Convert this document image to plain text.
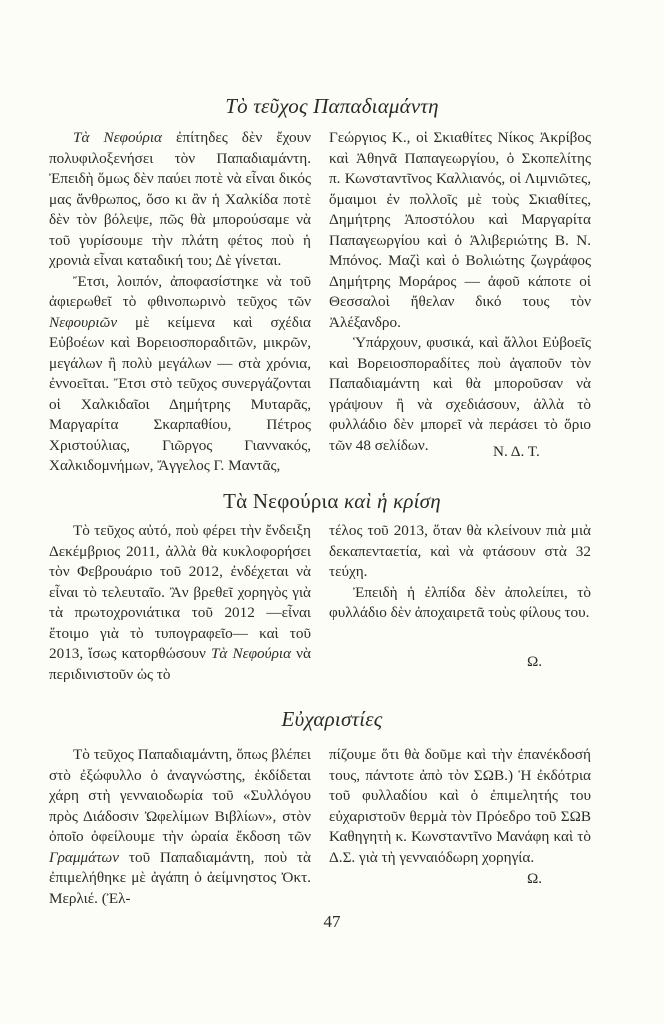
Τὸ τεῦχος Παπαδιαμάντη

Τὰ Νεφούρια ἐπίτηδες δὲν ἔχουν πολυφιλοξενήσει τὸν Παπαδιαμάντη. Ἐπειδὴ ὅμως δὲν παύει ποτὲ νὰ εἶναι δικός μας ἄνθρωπος, ὅσο κι ἂν ἡ Χαλκίδα ποτὲ δὲν τὸν βόλεψε, πῶς θὰ μπορούσαμε νὰ τοῦ γυρίσουμε τὴν πλάτη φέτος ποὺ ἡ χρονιὰ εἶναι καταδική του; Δὲ γίνεται.

Ἔτσι, λοιπόν, ἀποφασίστηκε νὰ τοῦ ἀφιερωθεῖ τὸ φθινοπωρινὸ τεῦχος τῶν Νεφουριῶν μὲ κείμενα καὶ σχέδια Εὐβοέων καὶ Βορειοσποραδιτῶν, μικρῶν, μεγάλων ἢ πολὺ μεγάλων — στὰ χρόνια, ἐννοεῖται. Ἔτσι στὸ τεῦχος συνεργάζονται οἱ Χαλκιδαῖοι Δημήτρης Μυταρᾶς, Μαργαρίτα Σκαρπαθίου, Πέτρος Χριστούλιας, Γιῶργος Γιαννακός, Χαλκιδομνήμων, Ἄγγελος Γ. Μαντᾶς,

Γεώργιος Κ., οἱ Σκιαθίτες Νίκος Ἀκρίβος καὶ Ἀθηνᾶ Παπαγεωργίου, ὁ Σκοπελίτης π. Κωνσταντῖνος Καλλιανός, οἱ Λιμνιῶτες, ὅμαιμοι ἐν πολλοῖς μὲ τοὺς Σκιαθίτες, Δημήτρης Ἀποστόλου καὶ Μαργαρίτα Παπαγεωργίου καὶ ὁ Ἀλιβεριώτης Β. Ν. Μπόνος. Μαζὶ καὶ ὁ Βολιώτης ζωγράφος Δημήτρης Μοράρος — ἀφοῦ κάποτε οἱ Θεσσαλοὶ ἤθελαν δικό τους τὸν Ἀλέξανδρο.

Ὑπάρχουν, φυσικά, καὶ ἄλλοι Εὐβοεῖς καὶ Βορειοσποραδίτες ποὺ ἀγαποῦν τὸν Παπαδιαμάντη καὶ θὰ μποροῦσαν νὰ γράψουν ἢ νὰ σχεδιάσουν, ἀλλὰ τὸ φυλλάδιο δὲν μπορεῖ νὰ περάσει τὸ ὅριο τῶν 48 σελίδων.	Ν. Δ. Τ.
Τὰ Νεφούρια καὶ ἡ κρίση

Τὸ τεῦχος αὐτό, ποὺ φέρει τὴν ἔνδειξη Δεκέμβριος 2011, ἀλλὰ θὰ κυκλοφορήσει τὸν Φεβρουάριο τοῦ 2012, ἐνδέχεται νὰ εἶναι τὸ τελευταῖο. Ἂν βρεθεῖ χορηγὸς γιὰ τὰ πρωτοχρονιάτικα τοῦ 2012 —εἶναι ἕτοιμο γιὰ τὸ τυπογραφεῖο— καὶ τοῦ 2013, ἴσως κατορθώσουν Τὰ Νεφούρια νὰ περιδινιστοῦν ὡς τὸ

τέλος τοῦ 2013, ὅταν θὰ κλείνουν πιὰ μιὰ δεκαπενταετία, καὶ νὰ φτάσουν στὰ 32 τεύχη.

Ἐπειδὴ ἡ ἐλπίδα δὲν ἀπολείπει, τὸ φυλλάδιο δὲν ἀποχαιρετᾶ τοὺς φίλους του.

Ω.
Εὐχαριστίες

Τὸ τεῦχος Παπαδιαμάντη, ὅπως βλέπει στὸ ἐξώφυλλο ὁ ἀναγνώστης, ἐκδίδεται χάρη στὴ γενναιοδωρία τοῦ «Συλλόγου πρὸς Διάδοσιν Ὠφελίμων Βιβλίων», στὸν ὁποῖο ὀφείλουμε τὴν ὡραία ἔκδοση τῶν Γραμμάτων τοῦ Παπαδιαμάντη, ποὺ τὰ ἐπιμελήθηκε μὲ ἀγάπη ὁ ἀείμνηστος Ὀκτ. Μερλιέ. (Ἐλ-

πίζουμε ὅτι θὰ δοῦμε καὶ τὴν ἐπανέκδοσή τους, πάντοτε ἀπὸ τὸν ΣΩΒ.) Ἡ ἐκδότρια τοῦ φυλλαδίου καὶ ὁ ἐπιμελητής του εὐχαριστοῦν θερμὰ τὸν Πρόεδρο τοῦ ΣΩΒ Καθηγητὴ κ. Κωνσταντῖνο Μανάφη καὶ τὸ Δ.Σ. γιὰ τὴ γενναιόδωρη χορηγία.

Ω.
47
